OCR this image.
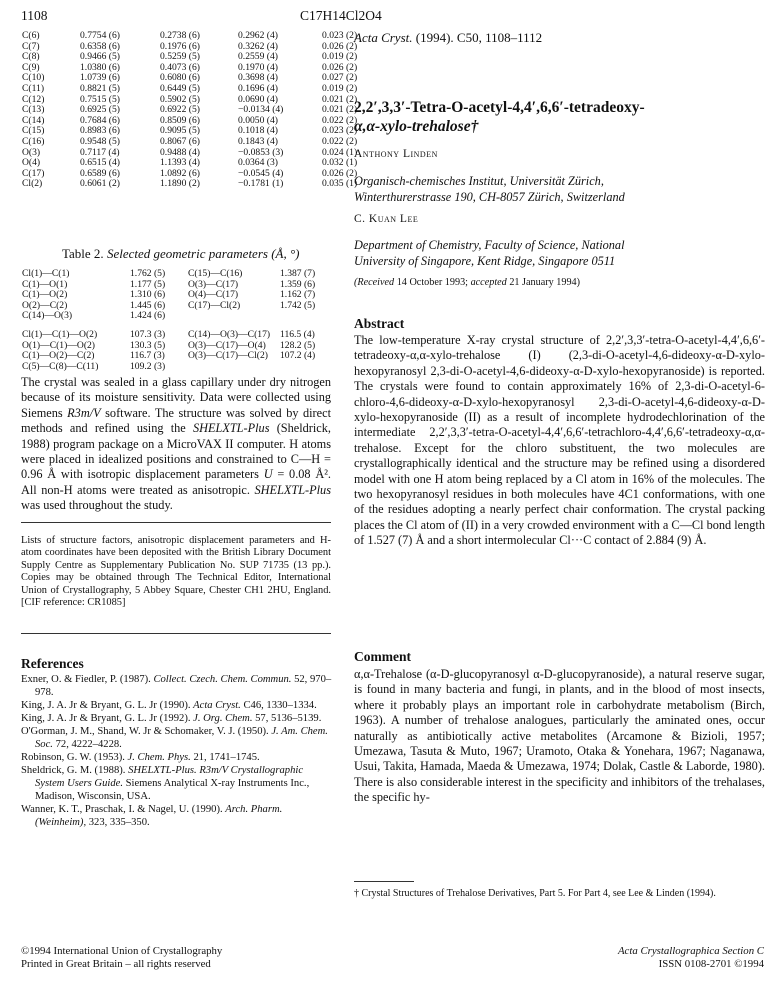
1108	C17H14Cl2O4
C(6)	0.7754 (6)	0.2738 (6)	0.2962 (4)	0.023 (2)
C(7)	0.6358 (6)	0.1976 (6)	0.3262 (4)	0.026 (2)
C(8)	0.9466 (5)	0.5259 (5)	0.2559 (4)	0.019 (2)
C(9)	1.0380 (6)	0.4073 (6)	0.1970 (4)	0.026 (2)
C(10)	1.0739 (6)	0.6080 (6)	0.3698 (4)	0.027 (2)
C(11)	0.8821 (5)	0.6449 (5)	0.1696 (4)	0.019 (2)
C(12)	0.7515 (5)	0.5902 (5)	0.0690 (4)	0.021 (2)
C(13)	0.6925 (5)	0.6922 (5)	−0.0134 (4)	0.021 (2)
C(14)	0.7684 (6)	0.8509 (6)	0.0050 (4)	0.022 (2)
C(15)	0.8983 (6)	0.9095 (5)	0.1018 (4)	0.023 (2)
C(16)	0.9548 (5)	0.8067 (6)	0.1843 (4)	0.022 (2)
O(3)	0.7117 (4)	0.9488 (4)	−0.0853 (3)	0.024 (1)
O(4)	0.6515 (4)	1.1393 (4)	0.0364 (3)	0.032 (1)
C(17)	0.6589 (6)	1.0892 (6)	−0.0545 (4)	0.026 (2)
Cl(2)	0.6061 (2)	1.1890 (2)	−0.1781 (1)	0.035 (1)
Table 2. Selected geometric parameters (Å, °)
Cl(1)—C(1)	1.762 (5)	C(15)—C(16)	1.387 (7)
C(1)—O(1)	1.177 (5)	O(3)—C(17)	1.359 (6)
C(1)—O(2)	1.310 (6)	O(4)—C(17)	1.162 (7)
O(2)—C(2)	1.445 (6)	C(17)—Cl(2)	1.742 (5)
C(14)—O(3)	1.424 (6)		
Cl(1)—C(1)—O(2)	107.3 (3)	C(14)—O(3)—C(17)	116.5 (4)
O(1)—C(1)—O(2)	130.3 (5)	O(3)—C(17)—O(4)	128.2 (5)
C(1)—O(2)—C(2)	116.7 (3)	O(3)—C(17)—Cl(2)	107.2 (4)
C(5)—C(8)—C(11)	109.2 (3)		
The crystal was sealed in a glass capillary under dry nitrogen because of its moisture sensitivity. Data were collected using Siemens R3m/V software. The structure was solved by direct methods and refined using the SHELXTL-Plus (Sheldrick, 1988) program package on a MicroVAX II computer. H atoms were placed in idealized positions and constrained to C—H = 0.96 Å with isotropic displacement parameters U = 0.08 Å². All non-H atoms were treated as anisotropic. SHELXTL-Plus was used throughout the study.
Lists of structure factors, anisotropic displacement parameters and H-atom coordinates have been deposited with the British Library Document Supply Centre as Supplementary Publication No. SUP 71735 (13 pp.). Copies may be obtained through The Technical Editor, International Union of Crystallography, 5 Abbey Square, Chester CH1 2HU, England. [CIF reference: CR1085]
References

Exner, O. & Fiedler, P. (1987). Collect. Czech. Chem. Commun. 52, 970–978.

King, J. A. Jr & Bryant, G. L. Jr (1990). Acta Cryst. C46, 1330–1334.

King, J. A. Jr & Bryant, G. L. Jr (1992). J. Org. Chem. 57, 5136–5139.

O'Gorman, J. M., Shand, W. Jr & Schomaker, V. J. (1950). J. Am. Chem. Soc. 72, 4222–4228.

Robinson, G. W. (1953). J. Chem. Phys. 21, 1741–1745.

Sheldrick, G. M. (1988). SHELXTL-Plus. R3m/V Crystallographic System Users Guide. Siemens Analytical X-ray Instruments Inc., Madison, Wisconsin, USA.

Wanner, K. T., Praschak, I. & Nagel, U. (1990). Arch. Pharm. (Weinheim), 323, 335–350.

©1994 International Union of Crystallography
Printed in Great Britain – all rights reserved
Acta Cryst. (1994). C50, 1108–1112
2,2′,3,3′-Tetra-O-acetyl-4,4′,6,6′-tetradeoxy-
α,α-xylo-trehalose†
Anthony Linden
Organisch-chemisches Institut, Universität Zürich,
Winterthurerstrasse 190, CH-8057 Zürich, Switzerland
C. Kuan Lee
Department of Chemistry, Faculty of Science, National
University of Singapore, Kent Ridge, Singapore 0511
(Received 14 October 1993; accepted 21 January 1994)
Abstract
The low-temperature X-ray crystal structure of 2,2′,3,3′-tetra-O-acetyl-4,4′,6,6′-tetradeoxy-α,α-xylo-trehalose (I) (2,3-di-O-acetyl-4,6-dideoxy-α-D-xylo-hexopyranosyl 2,3-di-O-acetyl-4,6-dideoxy-α-D-xylo-hexopyranoside) is reported. The crystals were found to contain approximately 16% of 2,3-di-O-acetyl-6-chloro-4,6-dideoxy-α-D-xylo-hexopyranosyl 2,3-di-O-acetyl-4,6-dideoxy-α-D-xylo-hexopyranoside (II) as a result of incomplete hydrodechlorination of the intermediate 2,2′,3,3′-tetra-O-acetyl-4,4′,6,6′-tetrachloro-4,4′,6,6′-tetradeoxy-α,α-trehalose. Except for the chloro substituent, the two molecules are crystallographically identical and the structure may be refined using a disordered model with one H atom being replaced by a Cl atom in 16% of the molecules. The two hexopyranosyl residues in both molecules have 4C1 conformations, with one of the residues adopting a nearly perfect chair conformation. The crystal packing places the Cl atom of (II) in a very crowded environment with a C—Cl bond length of 1.527 (7) Å and a short intermolecular Cl···C contact of 2.884 (9) Å.
Comment
α,α-Trehalose (α-D-glucopyranosyl α-D-glucopyranoside), a natural reserve sugar, is found in many bacteria and fungi, in plants, and in the blood of most insects, where it probably plays an important role in carbohydrate metabolism (Birch, 1963). A number of trehalose analogues, particularly the aminated ones, occur naturally as antibiotically active metabolites (Arcamone & Bizioli, 1957; Umezawa, Tasuta & Muto, 1967; Uramoto, Otaka & Yonehara, 1967; Naganawa, Usui, Takita, Hamada, Maeda & Umezawa, 1974; Dolak, Castle & Laborde, 1980). There is also considerable interest in the specificity and inhibitors of the trehalases, the specific hy-
† Crystal Structures of Trehalose Derivatives, Part 5. For Part 4, see Lee & Linden (1994).
Acta Crystallographica Section C
ISSN 0108-2701 ©1994
